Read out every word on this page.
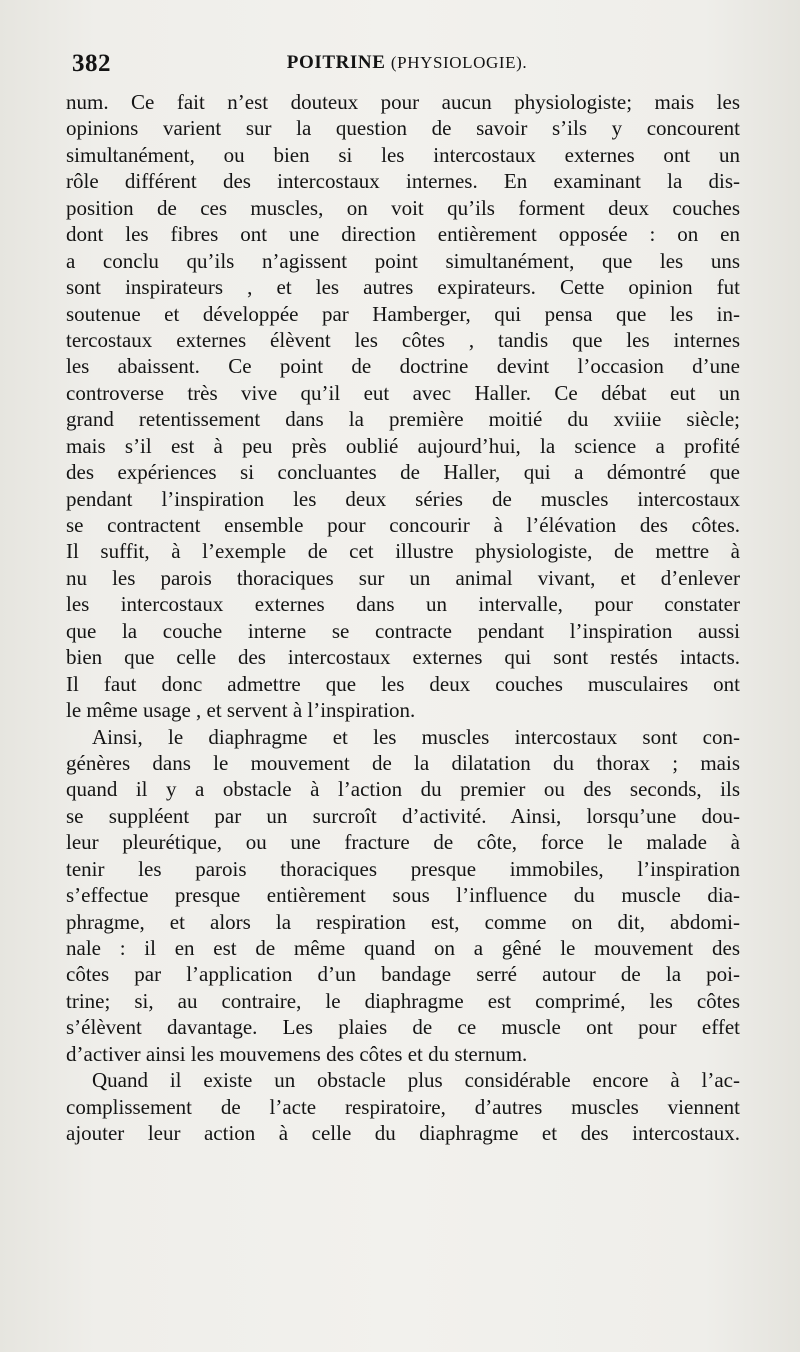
382	POITRINE (PHYSIOLOGIE).
num. Ce fait n’est douteux pour aucun physiologiste; mais les
opinions varient sur la question de savoir s’ils y concourent
simultanément, ou bien si les intercostaux externes ont un
rôle différent des intercostaux internes. En examinant la dis-
position de ces muscles, on voit qu’ils forment deux couches
dont les fibres ont une direction entièrement opposée : on en
a conclu qu’ils n’agissent point simultanément, que les uns
sont inspirateurs , et les autres expirateurs. Cette opinion fut
soutenue et développée par Hamberger, qui pensa que les in-
tercostaux externes élèvent les côtes , tandis que les internes
les abaissent. Ce point de doctrine devint l’occasion d’une
controverse très vive qu’il eut avec Haller. Ce débat eut un
grand retentissement dans la première moitié du xviiie siècle;
mais s’il est à peu près oublié aujourd’hui, la science a profité
des expériences si concluantes de Haller, qui a démontré que
pendant l’inspiration les deux séries de muscles intercostaux
se contractent ensemble pour concourir à l’élévation des côtes.
Il suffit, à l’exemple de cet illustre physiologiste, de mettre à
nu les parois thoraciques sur un animal vivant, et d’enlever
les intercostaux externes dans un intervalle, pour constater
que la couche interne se contracte pendant l’inspiration aussi
bien que celle des intercostaux externes qui sont restés intacts.
Il faut donc admettre que les deux couches musculaires ont
le même usage , et servent à l’inspiration.
Ainsi, le diaphragme et les muscles intercostaux sont con-
génères dans le mouvement de la dilatation du thorax ; mais
quand il y a obstacle à l’action du premier ou des seconds, ils
se suppléent par un surcroît d’activité. Ainsi, lorsqu’une dou-
leur pleurétique, ou une fracture de côte, force le malade à
tenir les parois thoraciques presque immobiles, l’inspiration
s’effectue presque entièrement sous l’influence du muscle dia-
phragme, et alors la respiration est, comme on dit, abdomi-
nale : il en est de même quand on a gêné le mouvement des
côtes par l’application d’un bandage serré autour de la poi-
trine; si, au contraire, le diaphragme est comprimé, les côtes
s’élèvent davantage. Les plaies de ce muscle ont pour effet
d’activer ainsi les mouvemens des côtes et du sternum.
Quand il existe un obstacle plus considérable encore à l’ac-
complissement de l’acte respiratoire, d’autres muscles viennent
ajouter leur action à celle du diaphragme et des intercostaux.
